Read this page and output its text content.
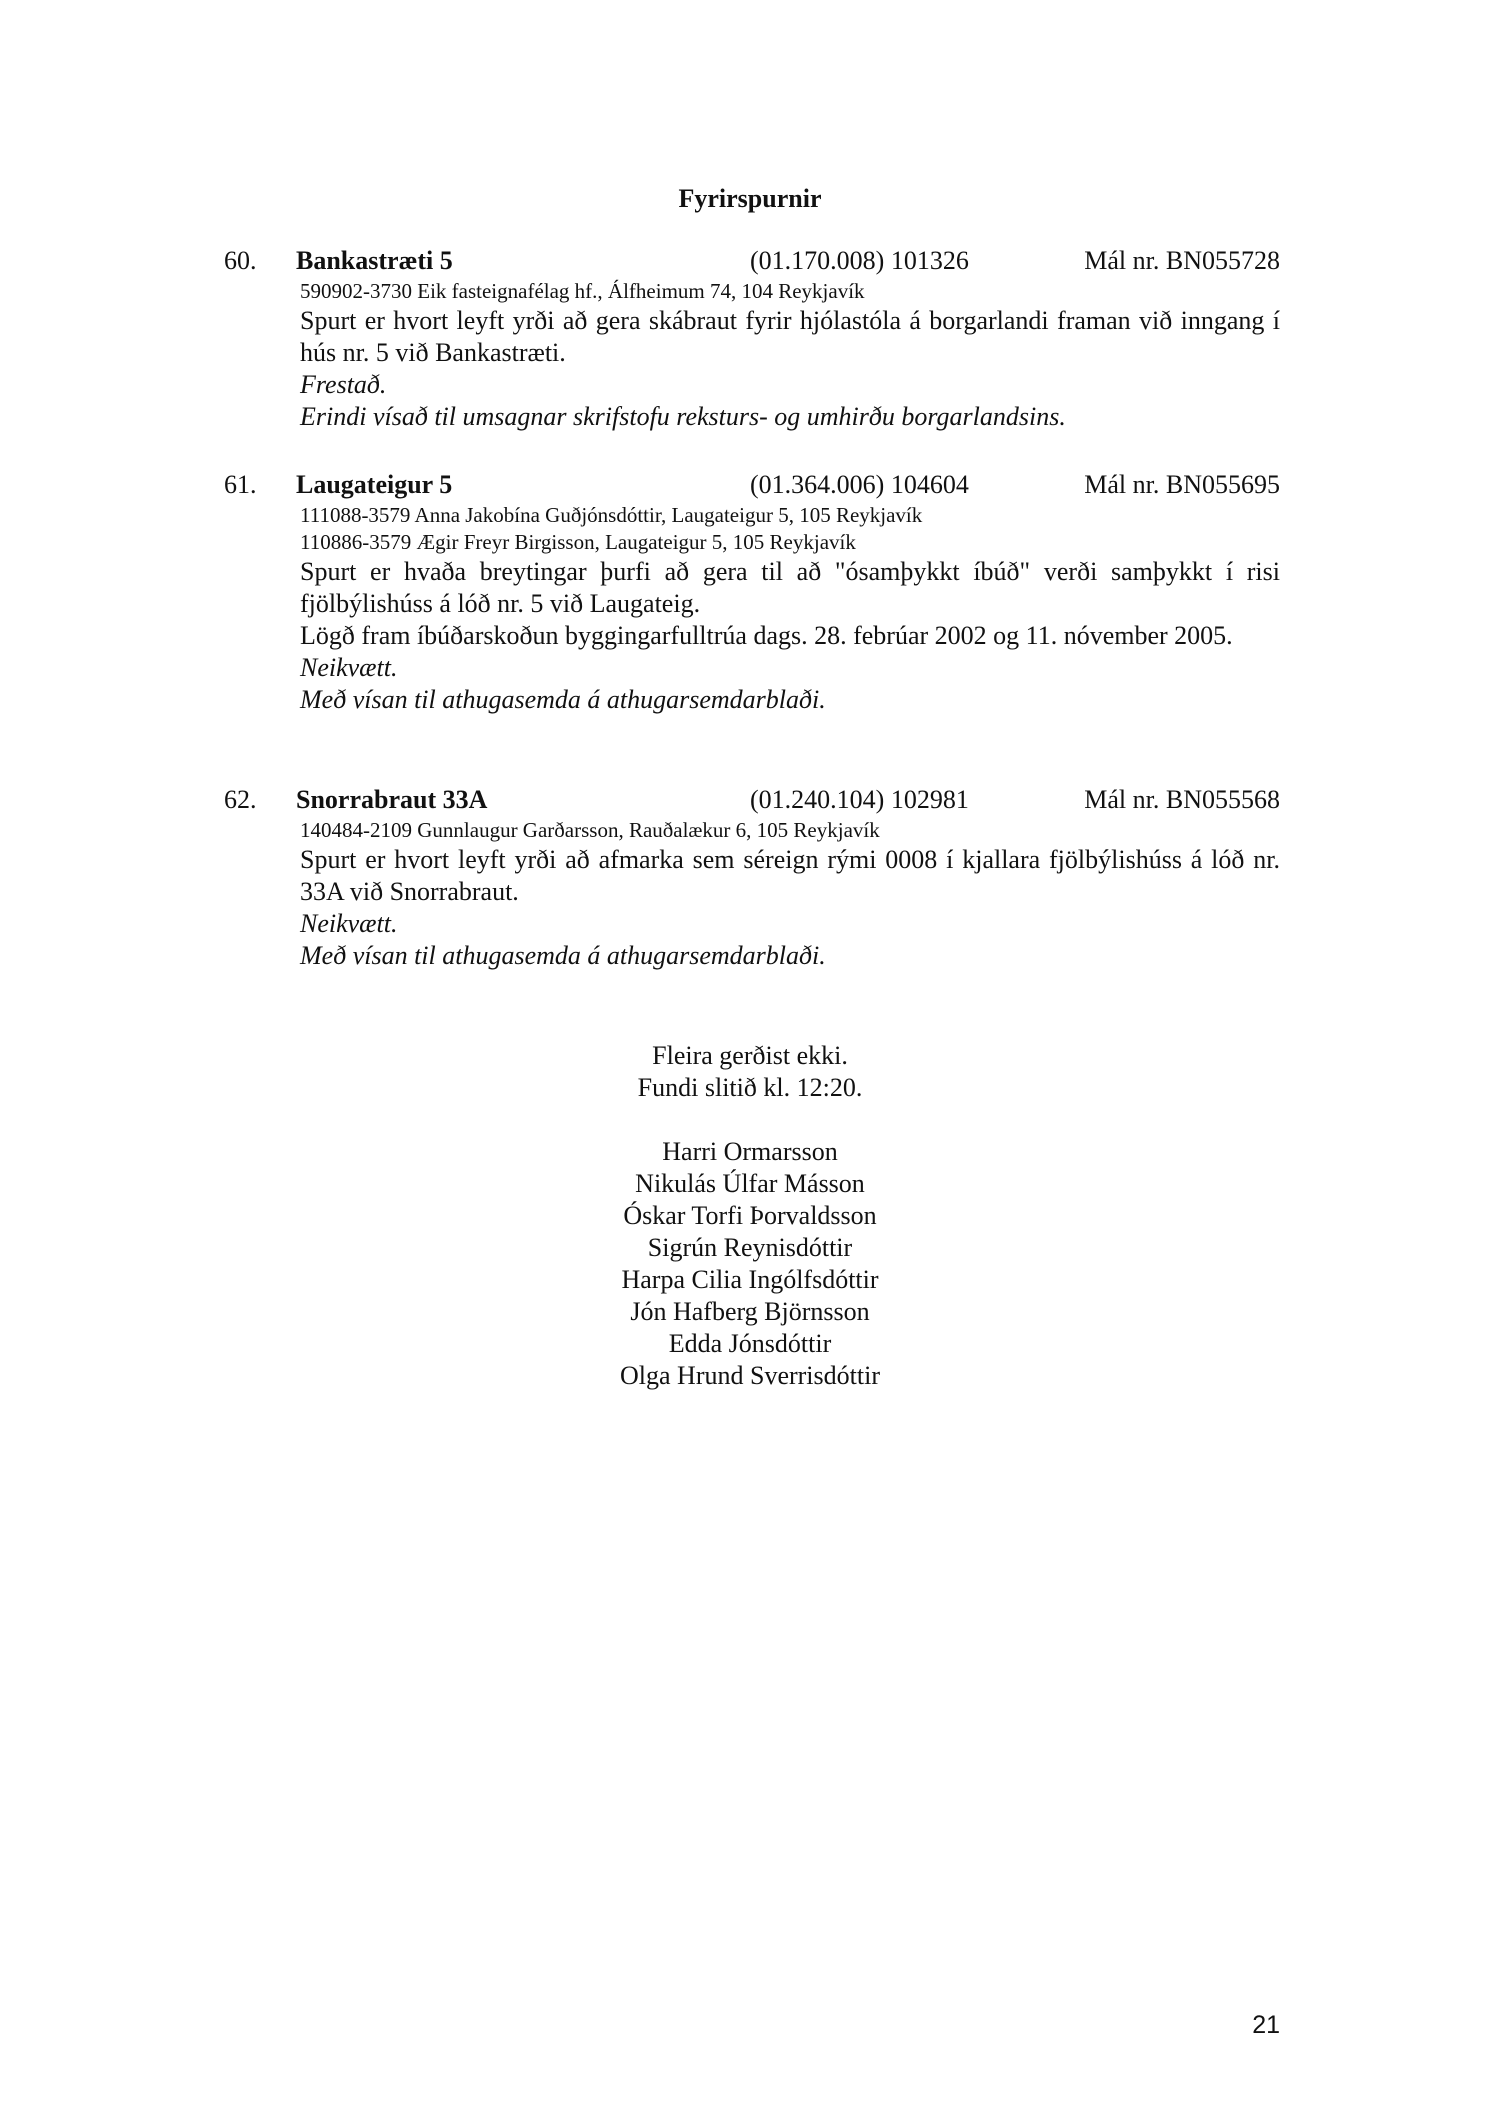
Fyrirspurnir
60. Bankastræti 5	(01.170.008) 101326	Mál nr. BN055728
590902-3730 Eik fasteignafélag hf., Álfheimum 74, 104 Reykjavík

Spurt er hvort leyft yrði að gera skábraut fyrir hjólastóla á borgarlandi framan við inngang í hús nr. 5 við Bankastræti.

Frestað.
Erindi vísað til umsagnar skrifstofu reksturs- og umhirðu borgarlandsins.
61. Laugateigur 5	(01.364.006) 104604	Mál nr. BN055695
111088-3579 Anna Jakobína Guðjónsdóttir, Laugateigur 5, 105 Reykjavík
110886-3579 Ægir Freyr Birgisson, Laugateigur 5, 105 Reykjavík

Spurt er hvaða breytingar þurfi að gera til að "ósamþykkt íbúð" verði samþykkt í risi fjölbýlishúss á lóð nr. 5 við Laugateig.

Lögð fram íbúðarskoðun byggingarfulltrúa dags. 28. febrúar 2002 og 11. nóvember 2005.

Neikvætt.
Með vísan til athugasemda á athugarsemdarblaði.
62. Snorrabraut 33A	(01.240.104) 102981	Mál nr. BN055568
140484-2109 Gunnlaugur Garðarsson, Rauðalækur 6, 105 Reykjavík

Spurt er hvort leyft yrði að afmarka sem séreign rými 0008 í kjallara fjölbýlishúss á lóð nr. 33A við Snorrabraut.

Neikvætt.
Með vísan til athugasemda á athugarsemdarblaði.
Fleira gerðist ekki.
Fundi slitið kl. 12:20.
Harri Ormarsson
Nikulás Úlfar Másson
Óskar Torfi Þorvaldsson
Sigrún Reynisdóttir
Harpa Cilia Ingólfsdóttir
Jón Hafberg Björnsson
Edda Jónsdóttir
Olga Hrund Sverrisdóttir
21
